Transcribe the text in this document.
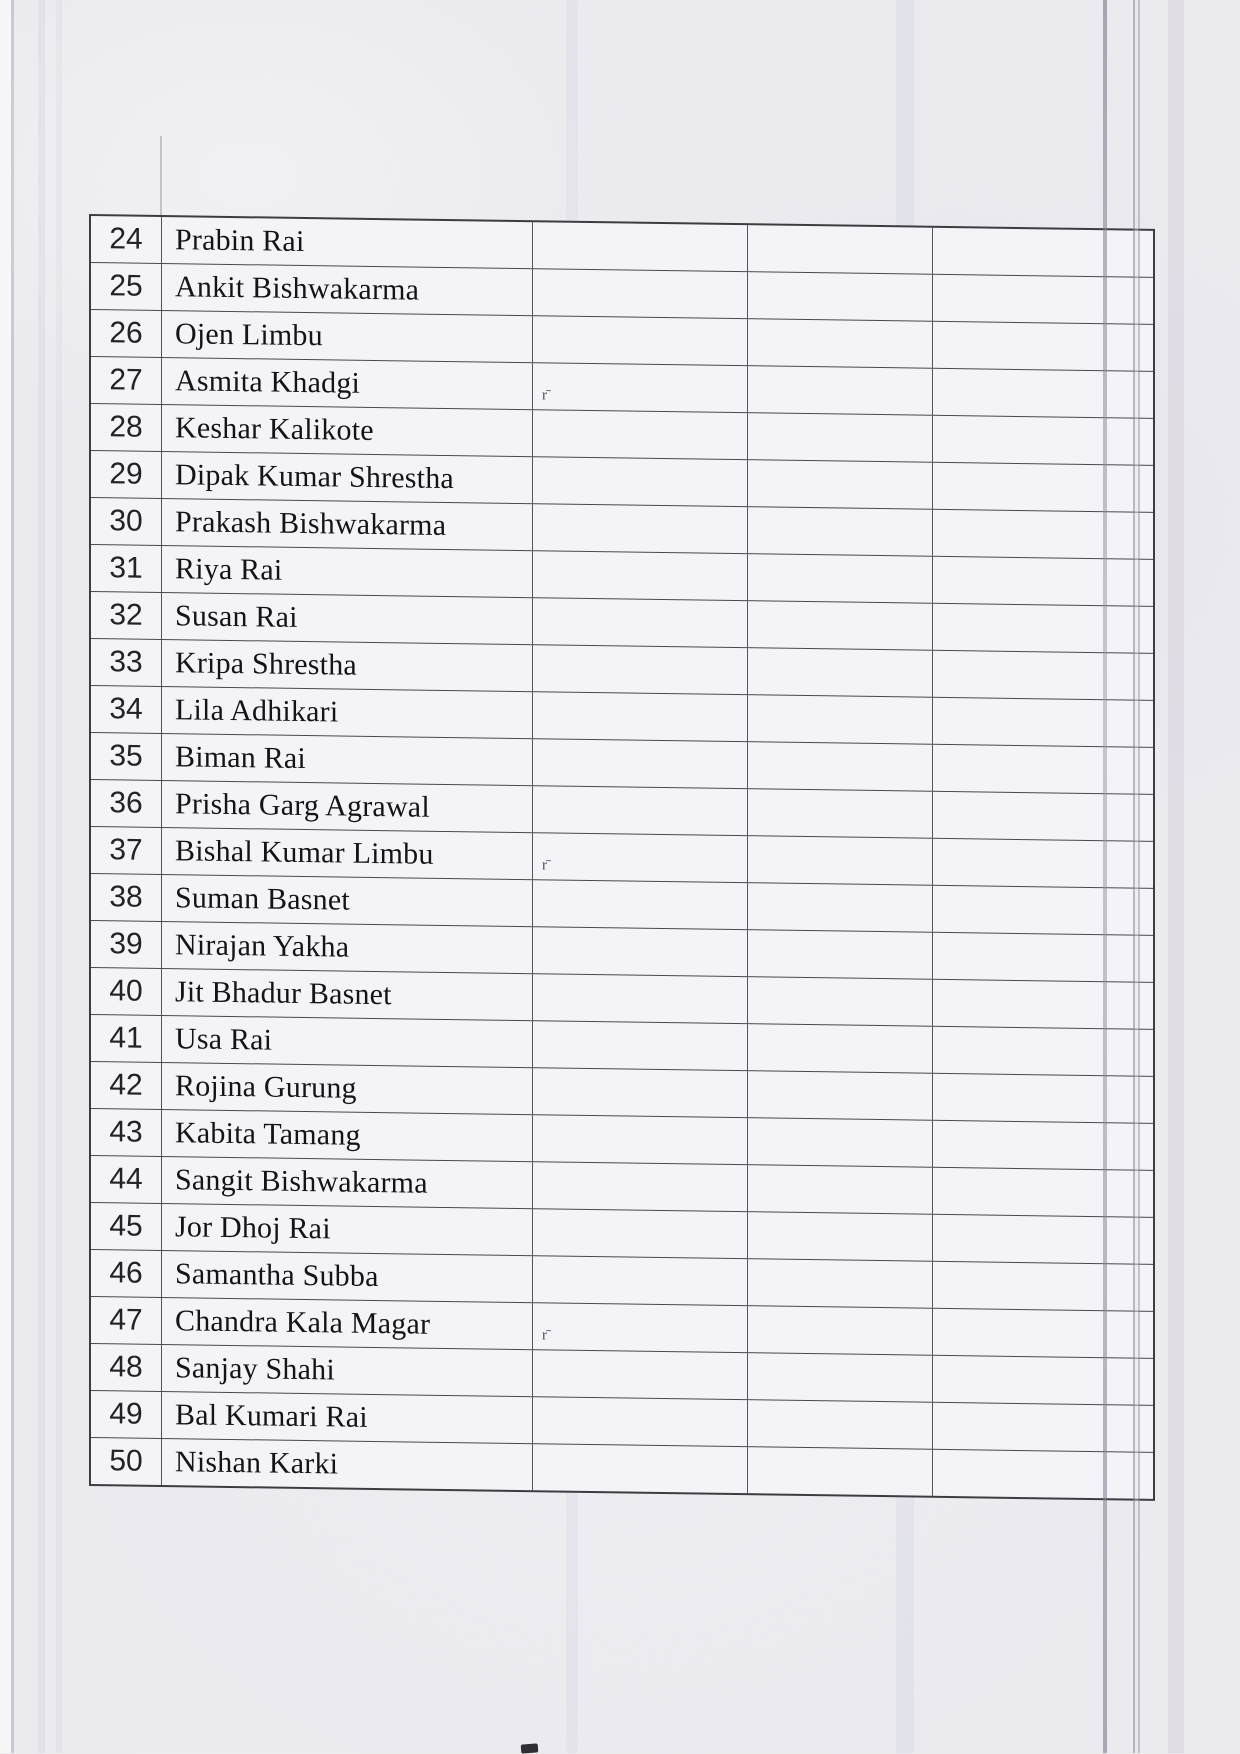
24	Prabin Rai
25	Ankit Bishwakarma
26	Ojen Limbu
27	Asmita Khadgi	rˉ
28	Keshar Kalikote
29	Dipak Kumar Shrestha
30	Prakash Bishwakarma
31	Riya Rai
32	Susan Rai
33	Kripa Shrestha
34	Lila Adhikari
35	Biman Rai
36	Prisha Garg Agrawal
37	Bishal Kumar Limbu	rˉ
38	Suman Basnet
39	Nirajan Yakha
40	Jit Bhadur Basnet
41	Usa Rai
42	Rojina Gurung
43	Kabita Tamang
44	Sangit Bishwakarma
45	Jor Dhoj Rai
46	Samantha Subba
47	Chandra Kala Magar	rˉ
48	Sanjay Shahi
49	Bal Kumari Rai
50	Nishan Karki
